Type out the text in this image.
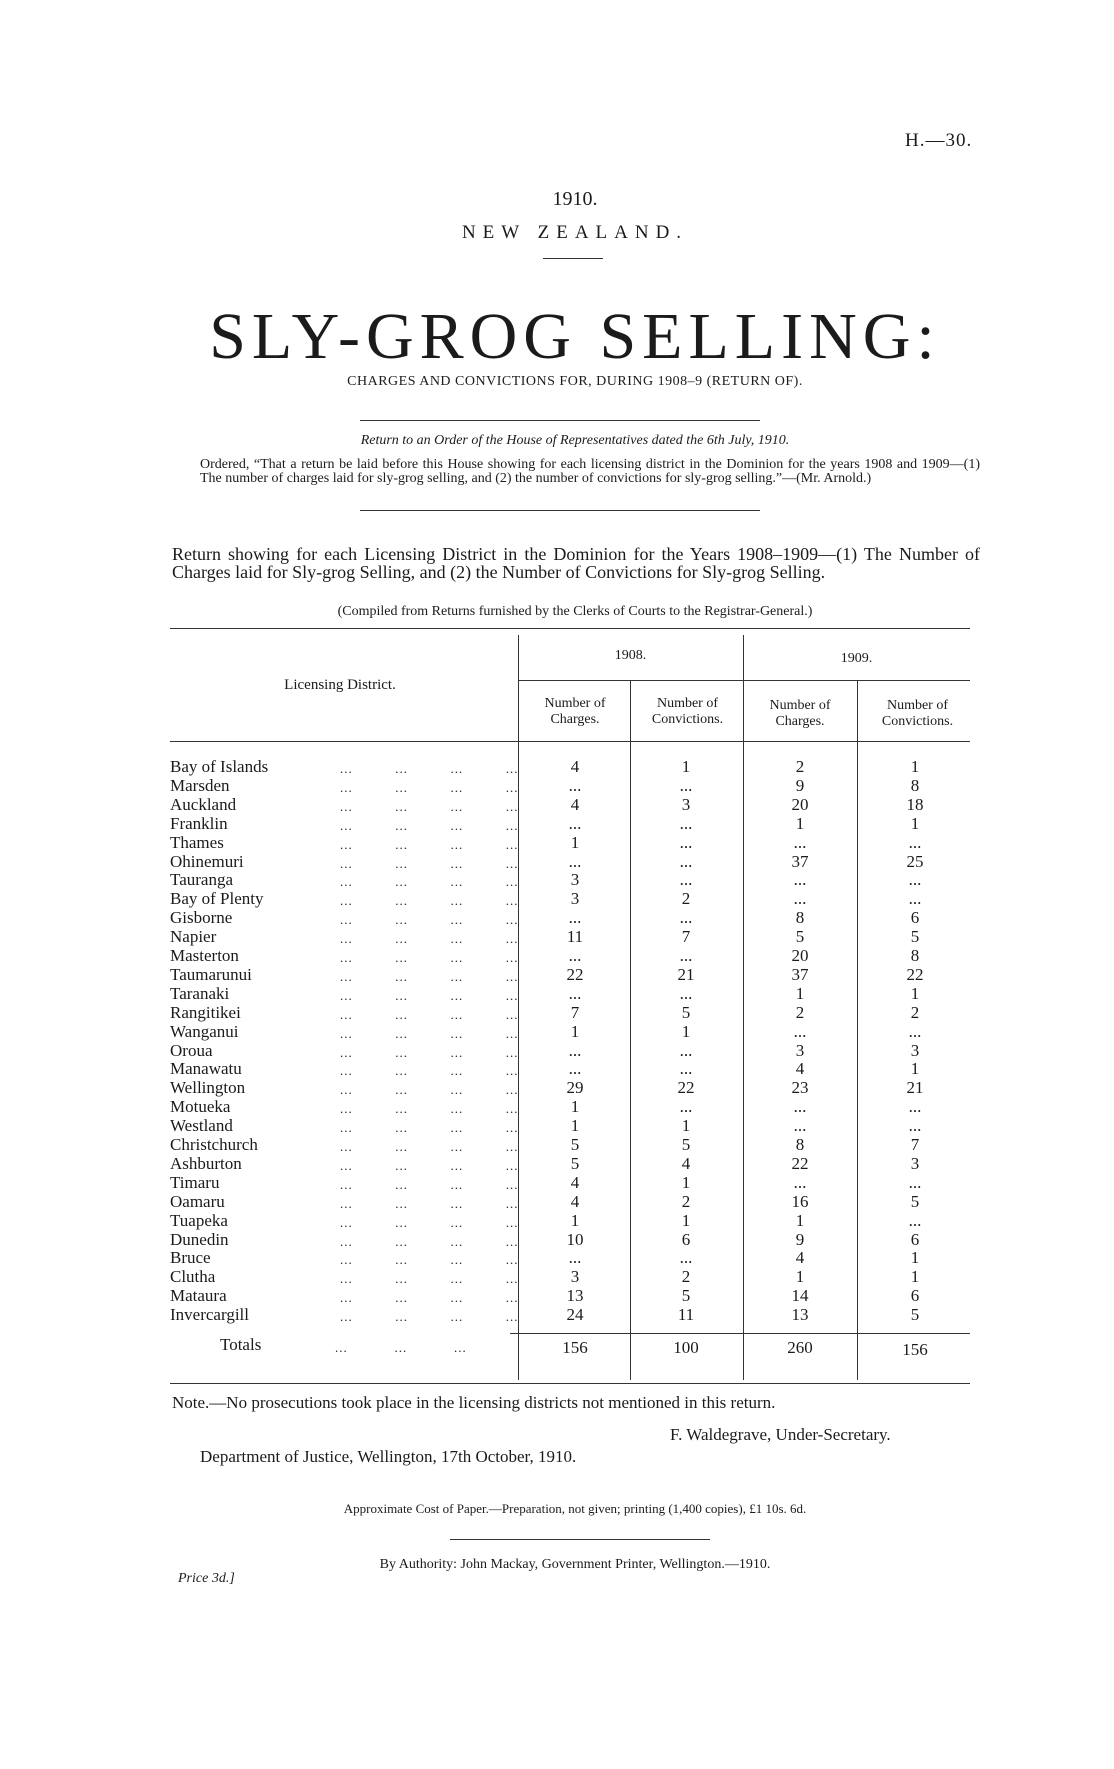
H.—30.
1910.
NEW ZEALAND.
SLY-GROG SELLING:
CHARGES AND CONVICTIONS FOR, DURING 1908–9 (RETURN OF).
Return to an Order of the House of Representatives dated the 6th July, 1910.
Ordered, “That a return be laid before this House showing for each licensing district in the Dominion for the years 1908 and 1909—(1) The number of charges laid for sly-grog selling, and (2) the number of convictions for sly-grog selling.”—(Mr. Arnold.)
Return showing for each Licensing District in the Dominion for the Years 1908–1909—(1) The Number of Charges laid for Sly-grog Selling, and (2) the Number of Convictions for Sly-grog Selling.
(Compiled from Returns furnished by the Clerks of Courts to the Registrar-General.)
Licensing District.
1908.	1909.
Number of Charges.
Number of Convictions.
Number of Charges.
Number of Convictions.
Bay of Islands	...          ...          ...          ...	4	1	2	1
Marsden	...          ...          ...          ...	...	...	9	8
Auckland	...          ...          ...          ...	4	3	20	18
Franklin	...          ...          ...          ...	...	...	1	1
Thames	...          ...          ...          ...	1	...	...	...
Ohinemuri	...          ...          ...          ...	...	...	37	25
Tauranga	...          ...          ...          ...	3	...	...	...
Bay of Plenty	...          ...          ...          ...	3	2	...	...
Gisborne	...          ...          ...          ...	...	...	8	6
Napier	...          ...          ...          ...	11	7	5	5
Masterton	...          ...          ...          ...	...	...	20	8
Taumarunui	...          ...          ...          ...	22	21	37	22
Taranaki	...          ...          ...          ...	...	...	1	1
Rangitikei	...          ...          ...          ...	7	5	2	2
Wanganui	...          ...          ...          ...	1	1	...	...
Oroua	...          ...          ...          ...	...	...	3	3
Manawatu	...          ...          ...          ...	...	...	4	1
Wellington	...          ...          ...          ...	29	22	23	21
Motueka	...          ...          ...          ...	1	...	...	...
Westland	...          ...          ...          ...	1	1	...	...
Christchurch	...          ...          ...          ...	5	5	8	7
Ashburton	...          ...          ...          ...	5	4	22	3
Timaru	...          ...          ...          ...	4	1	...	...
Oamaru	...          ...          ...          ...	4	2	16	5
Tuapeka	...          ...          ...          ...	1	1	1	...
Dunedin	...          ...          ...          ...	10	6	9	6
Bruce	...          ...          ...          ...	...	...	4	1
Clutha	...          ...          ...          ...	3	2	1	1
Mataura	...          ...          ...          ...	13	5	14	6
Invercargill	...          ...          ...          ...	24	11	13	5
Totals	...           ...           ...	156	100	260	156
Note.—No prosecutions took place in the licensing districts not mentioned in this return.
F. Waldegrave, Under-Secretary.
Department of Justice, Wellington, 17th October, 1910.
Approximate Cost of Paper.—Preparation, not given; printing (1,400 copies), £1 10s. 6d.
Price 3d.]
By Authority: John Mackay, Government Printer, Wellington.—1910.
